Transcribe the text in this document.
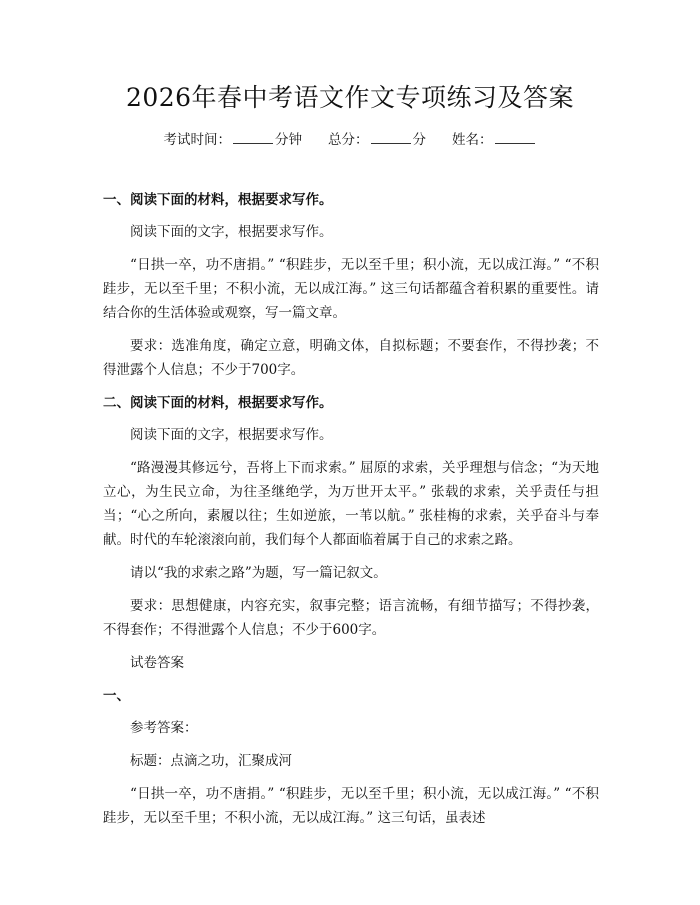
2026年春中考语文作文专项练习及答案
考试时间：	分钟 总分：	分 姓名：
一、阅读下面的材料，根据要求写作。
阅读下面的文字，根据要求写作。
“日拱一卒，功不唐捐。” “积跬步，无以至千里；积小流，无以成江海。” “不积跬步，无以至千里；不积小流，无以成江海。” 这三句话都蕴含着积累的重要性。请结合你的生活体验或观察，写一篇文章。
要求：选准角度，确定立意，明确文体，自拟标题；不要套作，不得抄袭；不得泄露个人信息；不少于700字。
二、阅读下面的材料，根据要求写作。
阅读下面的文字，根据要求写作。
“路漫漫其修远兮，吾将上下而求索。” 屈原的求索，关乎理想与信念；“为天地立心，为生民立命，为往圣继绝学，为万世开太平。” 张载的求索，关乎责任与担当；“心之所向，素履以往；生如逆旅，一苇以航。” 张桂梅的求索，关乎奋斗与奉献。时代的车轮滚滚向前，我们每个人都面临着属于自己的求索之路。
请以“我的求索之路”为题，写一篇记叙文。
要求：思想健康，内容充实，叙事完整；语言流畅，有细节描写；不得抄袭，不得套作；不得泄露个人信息；不少于600字。
试卷答案
一、
参考答案：
标题：点滴之功，汇聚成河
“日拱一卒，功不唐捐。” “积跬步，无以至千里；积小流，无以成江海。” “不积跬步，无以至千里；不积小流，无以成江海。” 这三句话，虽表述
